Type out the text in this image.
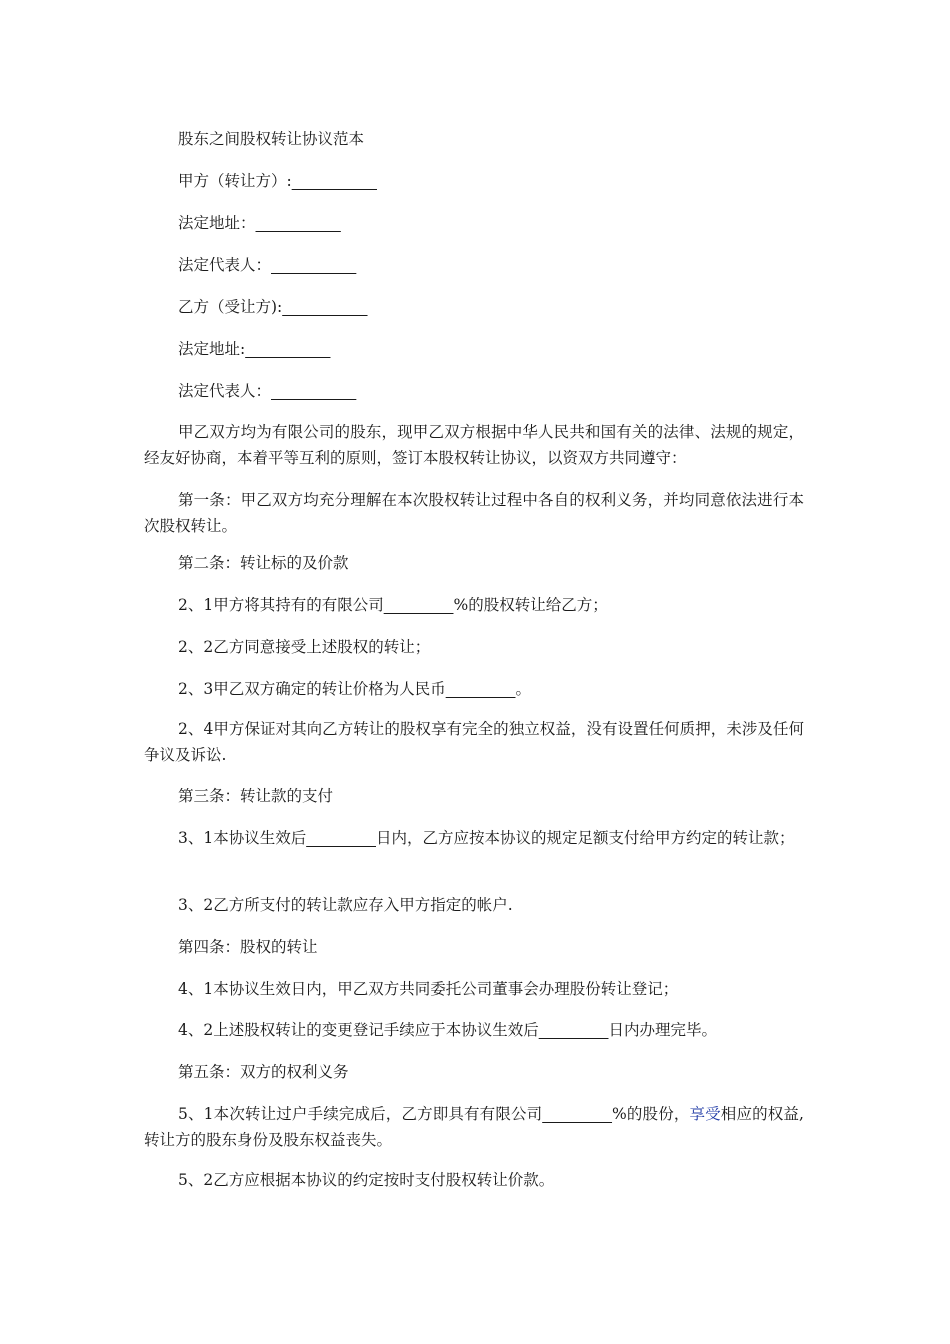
股东之间股权转让协议范本

甲方（转让方）:___________

法定地址：___________

法定代表人：___________

乙方（受让方):___________

法定地址:___________

法定代表人：___________

甲乙双方均为有限公司的股东，现甲乙双方根据中华人民共和国有关的法律、法规的规定，经友好协商，本着平等互利的原则，签订本股权转让协议，以资双方共同遵守：

第一条：甲乙双方均充分理解在本次股权转让过程中各自的权利义务，并均同意依法进行本次股权转让。

第二条：转让标的及价款

2、1甲方将其持有的有限公司_________%的股权转让给乙方；

2、2乙方同意接受上述股权的转让；

2、3甲乙双方确定的转让价格为人民币_________。

2、4甲方保证对其向乙方转让的股权享有完全的独立权益，没有设置任何质押，未涉及任何争议及诉讼.

第三条：转让款的支付

3、1本协议生效后_________日内，乙方应按本协议的规定足额支付给甲方约定的转让款；

3、2乙方所支付的转让款应存入甲方指定的帐户.

第四条：股权的转让

4、1本协议生效日内，甲乙双方共同委托公司董事会办理股份转让登记；

4、2上述股权转让的变更登记手续应于本协议生效后_________日内办理完毕。

第五条：双方的权利义务

5、1本次转让过户手续完成后，乙方即具有有限公司_________%的股份，享受相应的权益,转让方的股东身份及股东权益丧失。

5、2乙方应根据本协议的约定按时支付股权转让价款。
